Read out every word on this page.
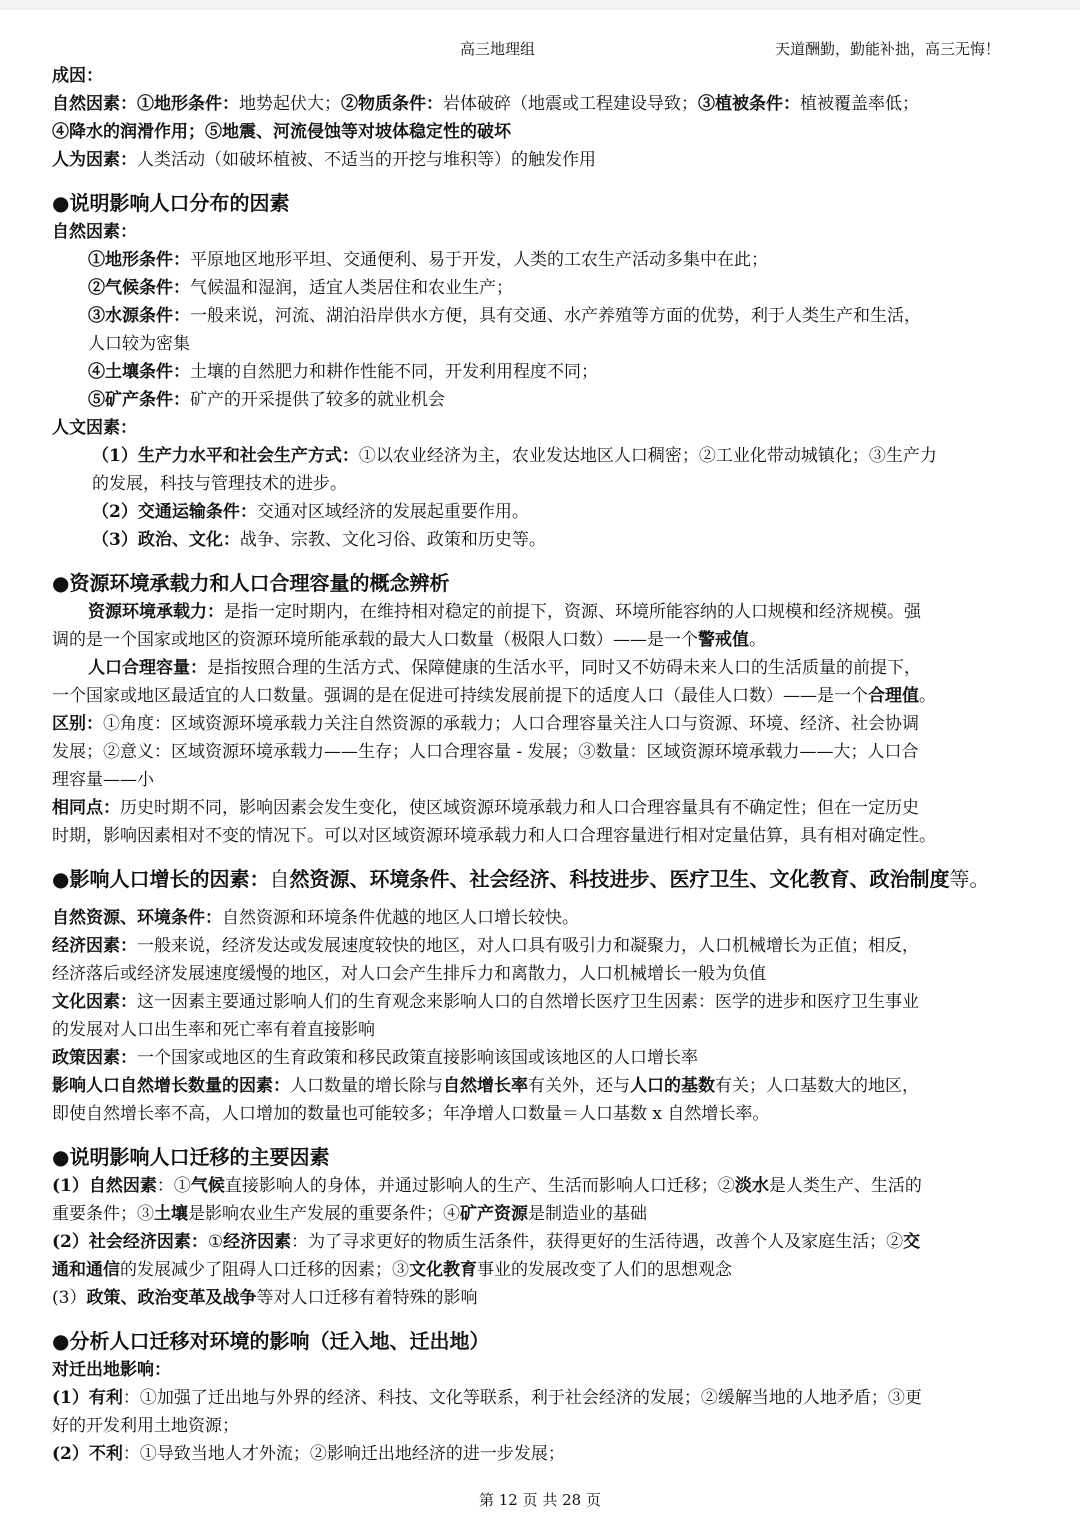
高三地理组	天道酬勤，勤能补拙，高三无悔！
成因：
自然因素：①地形条件：地势起伏大；②物质条件：岩体破碎（地震或工程建设导致；③植被条件：植被覆盖率低；
④降水的润滑作用；⑤地震、河流侵蚀等对坡体稳定性的破坏
人为因素：人类活动（如破坏植被、不适当的开挖与堆积等）的触发作用
●说明影响人口分布的因素
自然因素：
①地形条件：平原地区地形平坦、交通便利、易于开发，人类的工农生产活动多集中在此；
②气候条件：气候温和湿润，适宜人类居住和农业生产；
③水源条件：一般来说，河流、湖泊沿岸供水方便，具有交通、水产养殖等方面的优势，利于人类生产和生活，
人口较为密集
④土壤条件：土壤的自然肥力和耕作性能不同，开发利用程度不同；
⑤矿产条件：矿产的开采提供了较多的就业机会
人文因素：
（1）生产力水平和社会生产方式：①以农业经济为主，农业发达地区人口稠密；②工业化带动城镇化；③生产力
的发展，科技与管理技术的进步。
（2）交通运输条件：交通对区域经济的发展起重要作用。
（3）政治、文化：战争、宗教、文化习俗、政策和历史等。
●资源环境承载力和人口合理容量的概念辨析
资源环境承载力：是指一定时期内，在维持相对稳定的前提下，资源、环境所能容纳的人口规模和经济规模。强
调的是一个国家或地区的资源环境所能承载的最大人口数量（极限人口数）——是一个警戒值。
人口合理容量：是指按照合理的生活方式、保障健康的生活水平，同时又不妨碍未来人口的生活质量的前提下，
一个国家或地区最适宜的人口数量。强调的是在促进可持续发展前提下的适度人口（最佳人口数）——是一个合理值。
区别：①角度：区域资源环境承载力关注自然资源的承载力；人口合理容量关注人口与资源、环境、经济、社会协调
发展；②意义：区域资源环境承载力——生存；人口合理容量 - 发展；③数量：区域资源环境承载力——大；人口合
理容量——小
相同点：历史时期不同，影响因素会发生变化，使区域资源环境承载力和人口合理容量具有不确定性；但在一定历史
时期，影响因素相对不变的情况下。可以对区域资源环境承载力和人口合理容量进行相对定量估算，具有相对确定性。
●影响人口增长的因素：自然资源、环境条件、社会经济、科技进步、医疗卫生、文化教育、政治制度等。
自然资源、环境条件：自然资源和环境条件优越的地区人口增长较快。
经济因素：一般来说，经济发达或发展速度较快的地区，对人口具有吸引力和凝聚力，人口机械增长为正值；相反，
经济落后或经济发展速度缓慢的地区，对人口会产生排斥力和离散力，人口机械增长一般为负值
文化因素：这一因素主要通过影响人们的生育观念来影响人口的自然增长医疗卫生因素：医学的进步和医疗卫生事业
的发展对人口出生率和死亡率有着直接影响
政策因素：一个国家或地区的生育政策和移民政策直接影响该国或该地区的人口增长率
影响人口自然增长数量的因素：人口数量的增长除与自然增长率有关外，还与人口的基数有关；人口基数大的地区，
即使自然增长率不高，人口增加的数量也可能较多；年净增人口数量＝人口基数 x 自然增长率。
●说明影响人口迁移的主要因素
(1）自然因素：①气候直接影响人的身体，并通过影响人的生产、生活而影响人口迁移；②淡水是人类生产、生活的
重要条件；③土壤是影响农业生产发展的重要条件；④矿产资源是制造业的基础
(2）社会经济因素：①经济因素：为了寻求更好的物质生活条件，获得更好的生活待遇，改善个人及家庭生活；②交
通和通信的发展减少了阻碍人口迁移的因素；③文化教育事业的发展改变了人们的思想观念
(3）政策、政治变革及战争等对人口迁移有着特殊的影响
●分析人口迁移对环境的影响（迁入地、迁出地）
对迁出地影响：
(1）有利：①加强了迁出地与外界的经济、科技、文化等联系，利于社会经济的发展；②缓解当地的人地矛盾；③更
好的开发利用土地资源；
(2）不利：①导致当地人才外流；②影响迁出地经济的进一步发展；
第 12 页 共 28 页
